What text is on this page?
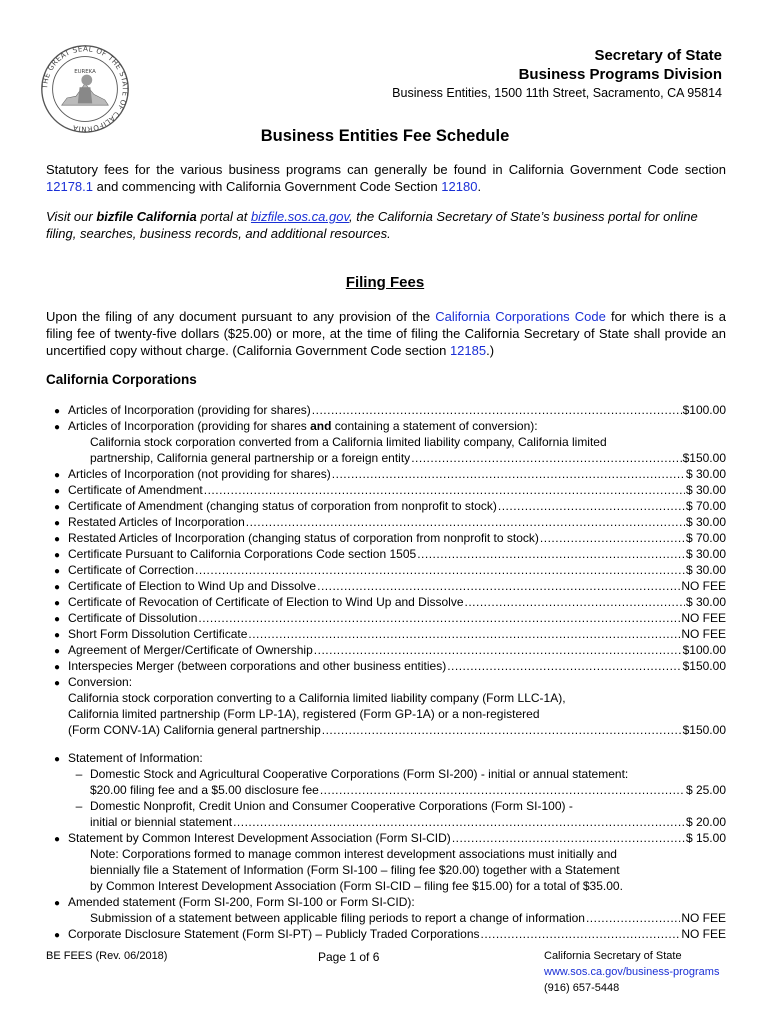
THE GREAT SEAL OF THE STATE OF CALIFORNIA
EUREKA
Secretary of State
Business Programs Division
Business Entities, 1500 11th Street, Sacramento, CA 95814
Business Entities Fee Schedule
Statutory fees for the various business programs can generally be found in California Government Code section 12178.1 and commencing with California Government Code Section 12180.
Visit our bizfile California portal at bizfile.sos.ca.gov, the California Secretary of State’s business portal for online filing, searches, business records, and additional resources.
Filing Fees
Upon the filing of any document pursuant to any provision of the California Corporations Code for which there is a filing fee of twenty-five dollars ($25.00) or more, at the time of filing the California Secretary of State shall provide an uncertified copy without charge. (California Government Code section 12185.)
California Corporations
● Articles of Incorporation (providing for shares) .....	$100.00
● Articles of Incorporation (providing for shares and containing a statement of conversion):
California stock corporation converted from a California limited liability company, California limited
partnership, California general partnership or a foreign entity .....	$150.00
● Articles of Incorporation (not providing for shares) .....	$ 30.00
● Certificate of Amendment .....	$ 30.00
● Certificate of Amendment (changing status of corporation from nonprofit to stock) .....	$ 70.00
● Restated Articles of Incorporation .....	$ 30.00
● Restated Articles of Incorporation (changing status of corporation from nonprofit to stock) .....	$ 70.00
● Certificate Pursuant to California Corporations Code section 1505 .....	$ 30.00
● Certificate of Correction .....	$ 30.00
● Certificate of Election to Wind Up and Dissolve .....	NO FEE
● Certificate of Revocation of Certificate of Election to Wind Up and Dissolve .....	$ 30.00
● Certificate of Dissolution .....	NO FEE
● Short Form Dissolution Certificate .....	NO FEE
● Agreement of Merger/Certificate of Ownership .....	$100.00
● Interspecies Merger (between corporations and other business entities) .....	$150.00
● Conversion:
California stock corporation converting to a California limited liability company (Form LLC-1A),
California limited partnership (Form LP-1A), registered (Form GP-1A) or a non-registered
(Form CONV-1A) California general partnership .....	$150.00
● Statement of Information:
– Domestic Stock and Agricultural Cooperative Corporations (Form SI-200) - initial or annual statement:
$20.00 filing fee and a $5.00 disclosure fee .....	$ 25.00
– Domestic Nonprofit, Credit Union and Consumer Cooperative Corporations (Form SI-100) -
initial or biennial statement .....	$ 20.00
● Statement by Common Interest Development Association (Form SI-CID) .....	$ 15.00
Note: Corporations formed to manage common interest development associations must initially and
biennially file a Statement of Information (Form SI-100 – filing fee $20.00) together with a Statement
by Common Interest Development Association (Form SI-CID – filing fee $15.00) for a total of $35.00.
● Amended statement (Form SI-200, Form SI-100 or Form SI-CID):
Submission of a statement between applicable filing periods to report a change of information .....	NO FEE
● Corporate Disclosure Statement (Form SI-PT) – Publicly Traded Corporations .....	NO FEE
BE FEES (Rev. 06/2018)	Page 1 of 6	California Secretary of State
www.sos.ca.gov/business-programs
(916) 657-5448
